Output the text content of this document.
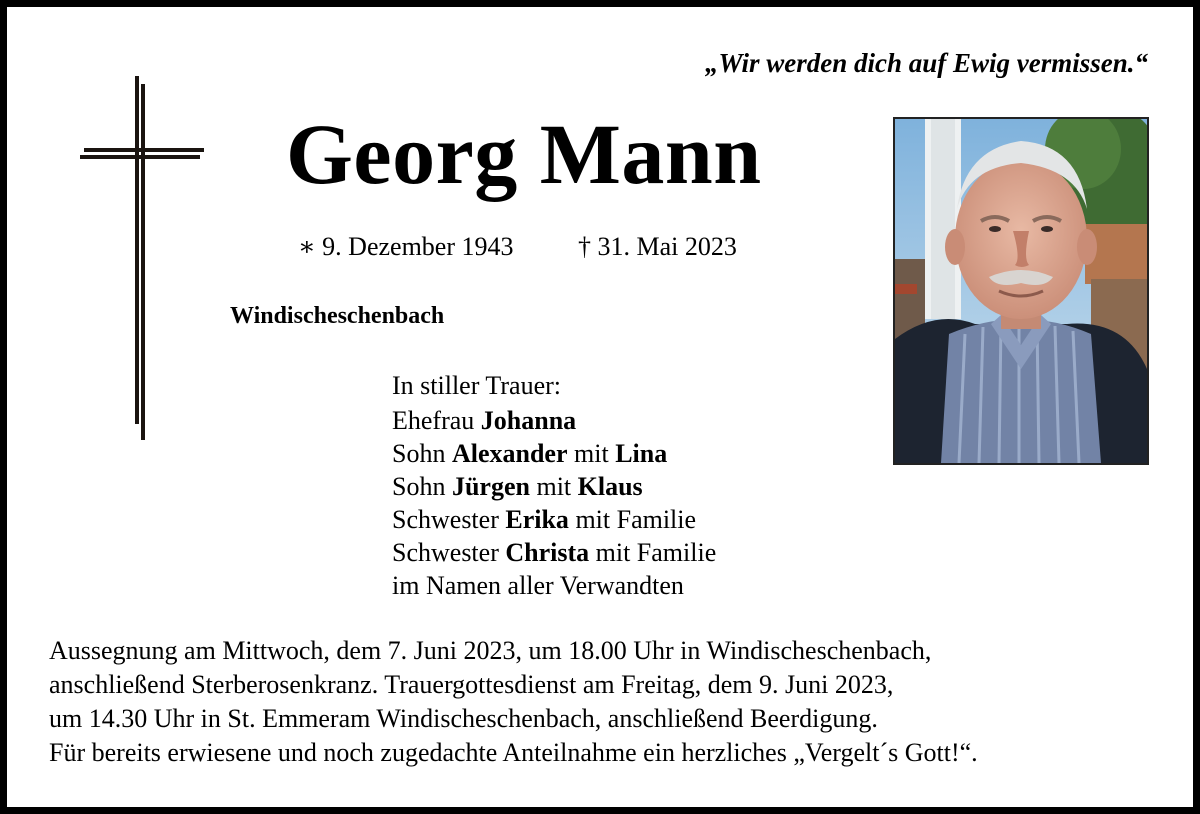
„Wir werden dich auf Ewig vermissen.“
Georg Mann
∗ 9. Dezember 1943 † 31. Mai 2023
Windischeschenbach
In stiller Trauer:
Ehefrau Johanna
Sohn Alexander mit Lina
Sohn Jürgen mit Klaus
Schwester Erika mit Familie
Schwester Christa mit Familie
im Namen aller Verwandten
Aussegnung am Mittwoch, dem 7. Juni 2023, um 18.00 Uhr in Windischeschenbach,
anschließend Sterberosenkranz. Trauergottesdienst am Freitag, dem 9. Juni 2023,
um 14.30 Uhr in St. Emmeram Windischeschenbach, anschließend Beerdigung.
Für bereits erwiesene und noch zugedachte Anteilnahme ein herzliches „Vergelt´s Gott!“.
